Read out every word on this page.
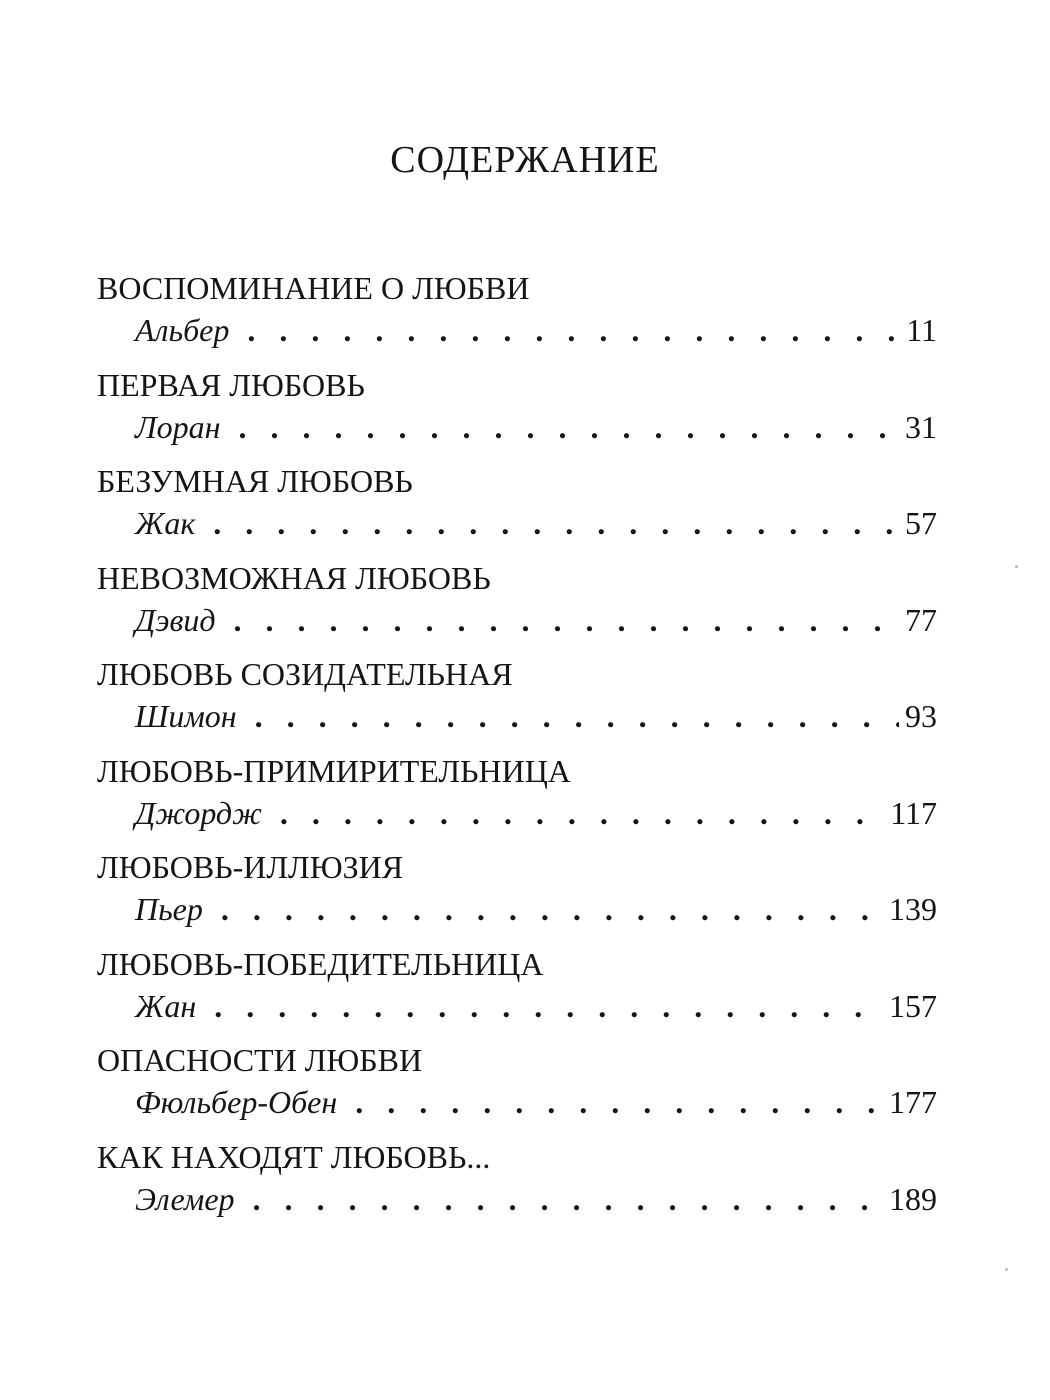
СОДЕРЖАНИЕ
ВОСПОМИНАНИЕ О ЛЮБВИ
Альбер . . .	11
ПЕРВАЯ ЛЮБОВЬ
Лоран . . .	31
БЕЗУМНАЯ ЛЮБОВЬ
Жак . . .	57
НЕВОЗМОЖНАЯ ЛЮБОВЬ
Дэвид . . .	77
ЛЮБОВЬ СОЗИДАТЕЛЬНАЯ
Шимон . . .	93
ЛЮБОВЬ-ПРИМИРИТЕЛЬНИЦА
Джордж . . .	117
ЛЮБОВЬ-ИЛЛЮЗИЯ
Пьер . . .	139
ЛЮБОВЬ-ПОБЕДИТЕЛЬНИЦА
Жан . . .	157
ОПАСНОСТИ ЛЮБВИ
Фюльбер-Обен . . .	177
КАК НАХОДЯТ ЛЮБОВЬ...
Элемер . . .	189
